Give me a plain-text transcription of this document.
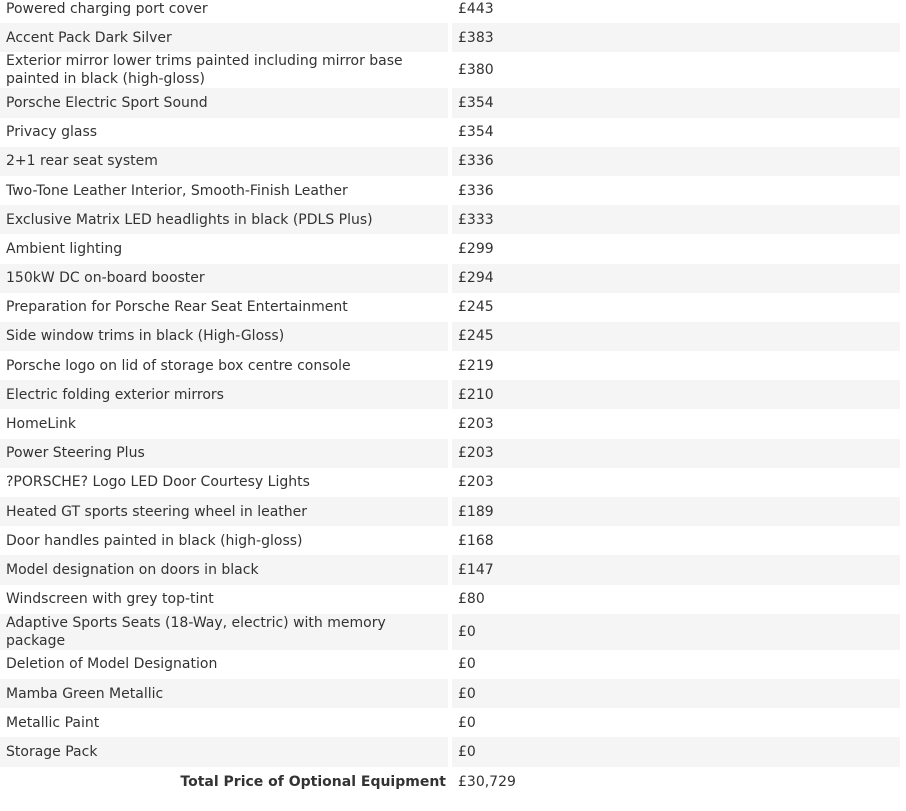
Powered charging port cover	£443
Accent Pack Dark Silver	£383
Exterior mirror lower trims painted including mirror base painted in black (high-gloss)	£380
Porsche Electric Sport Sound	£354
Privacy glass	£354
2+1 rear seat system	£336
Two-Tone Leather Interior, Smooth-Finish Leather	£336
Exclusive Matrix LED headlights in black (PDLS Plus)	£333
Ambient lighting	£299
150kW DC on-board booster	£294
Preparation for Porsche Rear Seat Entertainment	£245
Side window trims in black (High-Gloss)	£245
Porsche logo on lid of storage box centre console	£219
Electric folding exterior mirrors	£210
HomeLink	£203
Power Steering Plus	£203
?PORSCHE? Logo LED Door Courtesy Lights	£203
Heated GT sports steering wheel in leather	£189
Door handles painted in black (high-gloss)	£168
Model designation on doors in black	£147
Windscreen with grey top-tint	£80
Adaptive Sports Seats (18-Way, electric) with memory package	£0
Deletion of Model Designation	£0
Mamba Green Metallic	£0
Metallic Paint	£0
Storage Pack	£0
Total Price of Optional Equipment	£30,729
